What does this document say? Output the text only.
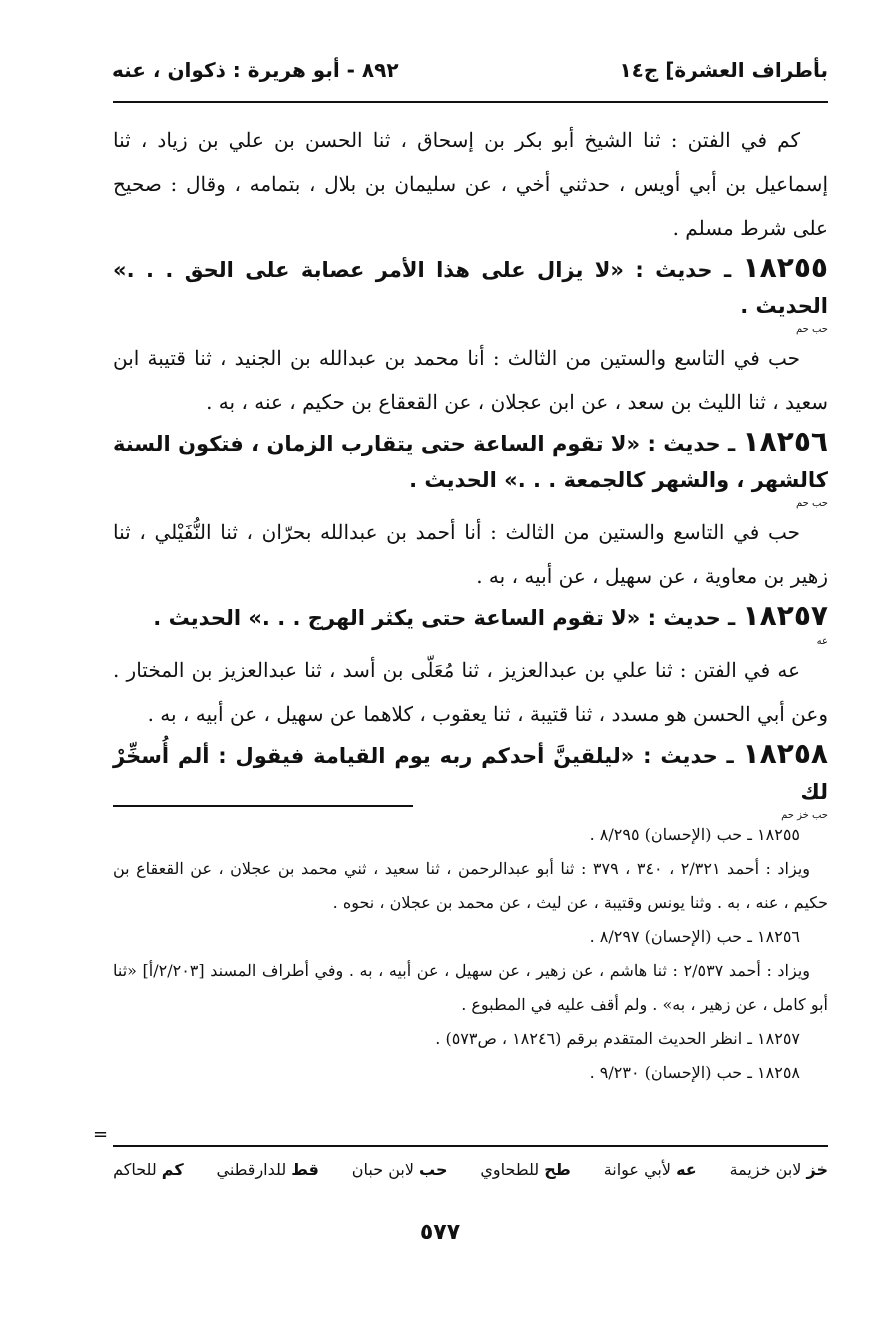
بأطراف العشرة] ج١٤
٨٩٢ - أبو هريرة : ذكوان ، عنه

كم في الفتن : ثنا الشيخ أبو بكر بن إسحاق ، ثنا الحسن بن علي بن زياد ، ثنا إسماعيل بن أبي أويس ، حدثني أخي ، عن سليمان بن بلال ، بتمامه ، وقال : صحيح على شرط مسلم .

١٨٢٥٥ ـ حديث : «لا يزال على هذا الأمر عصابة على الحق . . .» الحديث .

حب حم

حب في التاسع والستين من الثالث : أنا محمد بن عبدالله بن الجنيد ، ثنا قتيبة ابن سعيد ، ثنا الليث بن سعد ، عن ابن عجلان ، عن القعقاع بن حكيم ، عنه ، به .

١٨٢٥٦ ـ حديث : «لا تقوم الساعة حتى يتقارب الزمان ، فتكون السنة كالشهر ، والشهر كالجمعة . . .» الحديث .

حب حم

حب في التاسع والستين من الثالث : أنا أحمد بن عبدالله بحرّان ، ثنا النُّفَيْلي ، ثنا زهير بن معاوية ، عن سهيل ، عن أبيه ، به .

١٨٢٥٧ ـ حديث : «لا تقوم الساعة حتى يكثر الهرج . . .» الحديث .

عه

عه في الفتن : ثنا علي بن عبدالعزيز ، ثنا مُعَلّى بن أسد ، ثنا عبدالعزيز بن المختار . وعن أبي الحسن هو مسدد ، ثنا قتيبة ، ثنا يعقوب ، كلاهما عن سهيل ، عن أبيه ، به .

١٨٢٥٨ ـ حديث : «ليلقينَّ أحدكم ربه يوم القيامة فيقول : ألم أُسخِّرْ لك

حب خز حم

١٨٢٥٥ ـ حب (الإحسان) ٨/٢٩٥ .

ويزاد : أحمد ٢/٣٢١ ، ٣٤٠ ، ٣٧٩ : ثنا أبو عبدالرحمن ، ثنا سعيد ، ثني محمد بن عجلان ، عن القعقاع بن حكيم ، عنه ، به . وثنا يونس وقتيبة ، عن ليث ، عن محمد بن عجلان ، نحوه .

١٨٢٥٦ ـ حب (الإحسان) ٨/٢٩٧ .

ويزاد : أحمد ٢/٥٣٧ : ثنا هاشم ، عن زهير ، عن سهيل ، عن أبيه ، به . وفي أطراف المسند [٢/٢٠٣/أ] «ثنا أبو كامل ، عن زهير ، به» . ولم أقف عليه في المطبوع .

١٨٢٥٧ ـ انظر الحديث المتقدم برقم (١٨٢٤٦ ، ص٥٧٣) .

١٨٢٥٨ ـ حب (الإحسان) ٩/٢٣٠ .

=
خز لابن خزيمة
عه لأبي عوانة
طح للطحاوي
حب لابن حبان
قط للدارقطني
كم للحاكم
٥٧٧
